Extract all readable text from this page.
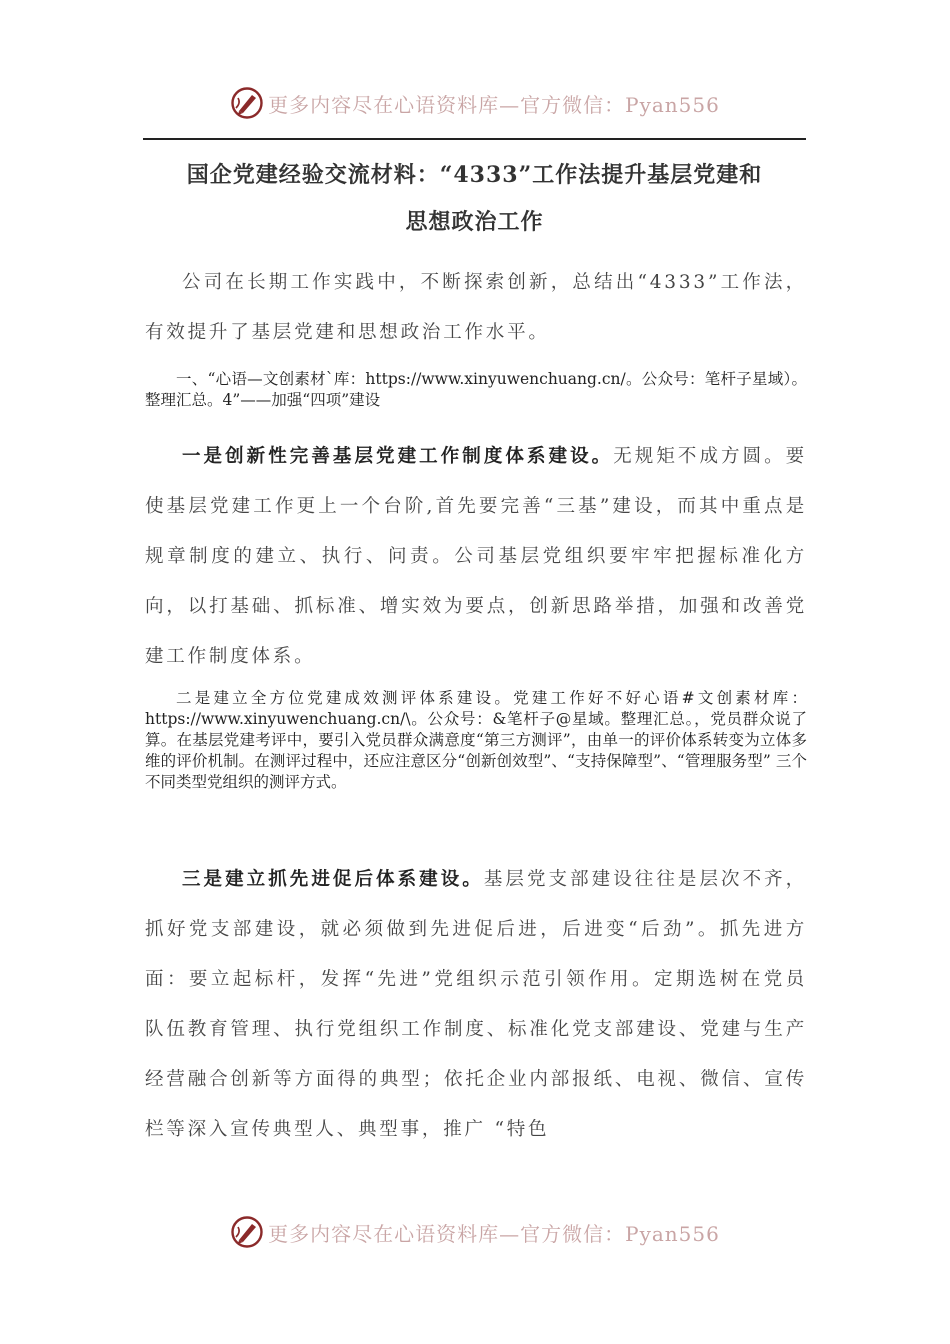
更多内容尽在心语资料库—官方微信：Pyan556
国企党建经验交流材料：“4333”工作法提升基层党建和
思想政治工作

公司在长期工作实践中，不断探索创新，总结出“4333”工作法，有效提升了基层党建和思想政治工作水平。

一、“心语—文创素材`库：https://www.xinyuwenchuang.cn/。公众号：笔杆子星域）。整理汇总。4”——加强“四项”建设

一是创新性完善基层党建工作制度体系建设。无规矩不成方圆。要使基层党建工作更上一个台阶,首先要完善“三基”建设，而其中重点是规章制度的建立、执行、问责。公司基层党组织要牢牢把握标准化方向，以打基础、抓标准、增实效为要点，创新思路举措，加强和改善党建工作制度体系。

二是建立全方位党建成效测评体系建设。党建工作好不好心语#文创素材库：https://www.xinyuwenchuang.cn/\。公众号：&笔杆子@星域。整理汇总。，党员群众说了算。在基层党建考评中，要引入党员群众满意度“第三方测评”，由单一的评价体系转变为立体多维的评价机制。在测评过程中，还应注意区分“创新创效型”、“支持保障型”、“管理服务型” 三个不同类型党组织的测评方式。

三是建立抓先进促后体系建设。基层党支部建设往往是层次不齐，抓好党支部建设，就必须做到先进促后进，后进变“后劲”。抓先进方面：要立起标杆，发挥“先进”党组织示范引领作用。定期选树在党员队伍教育管理、执行党组织工作制度、标准化党支部建设、党建与生产经营融合创新等方面得的典型；依托企业内部报纸、电视、微信、宣传栏等深入宣传典型人、典型事，推广 “特色

更多内容尽在心语资料库—官方微信：Pyan556
